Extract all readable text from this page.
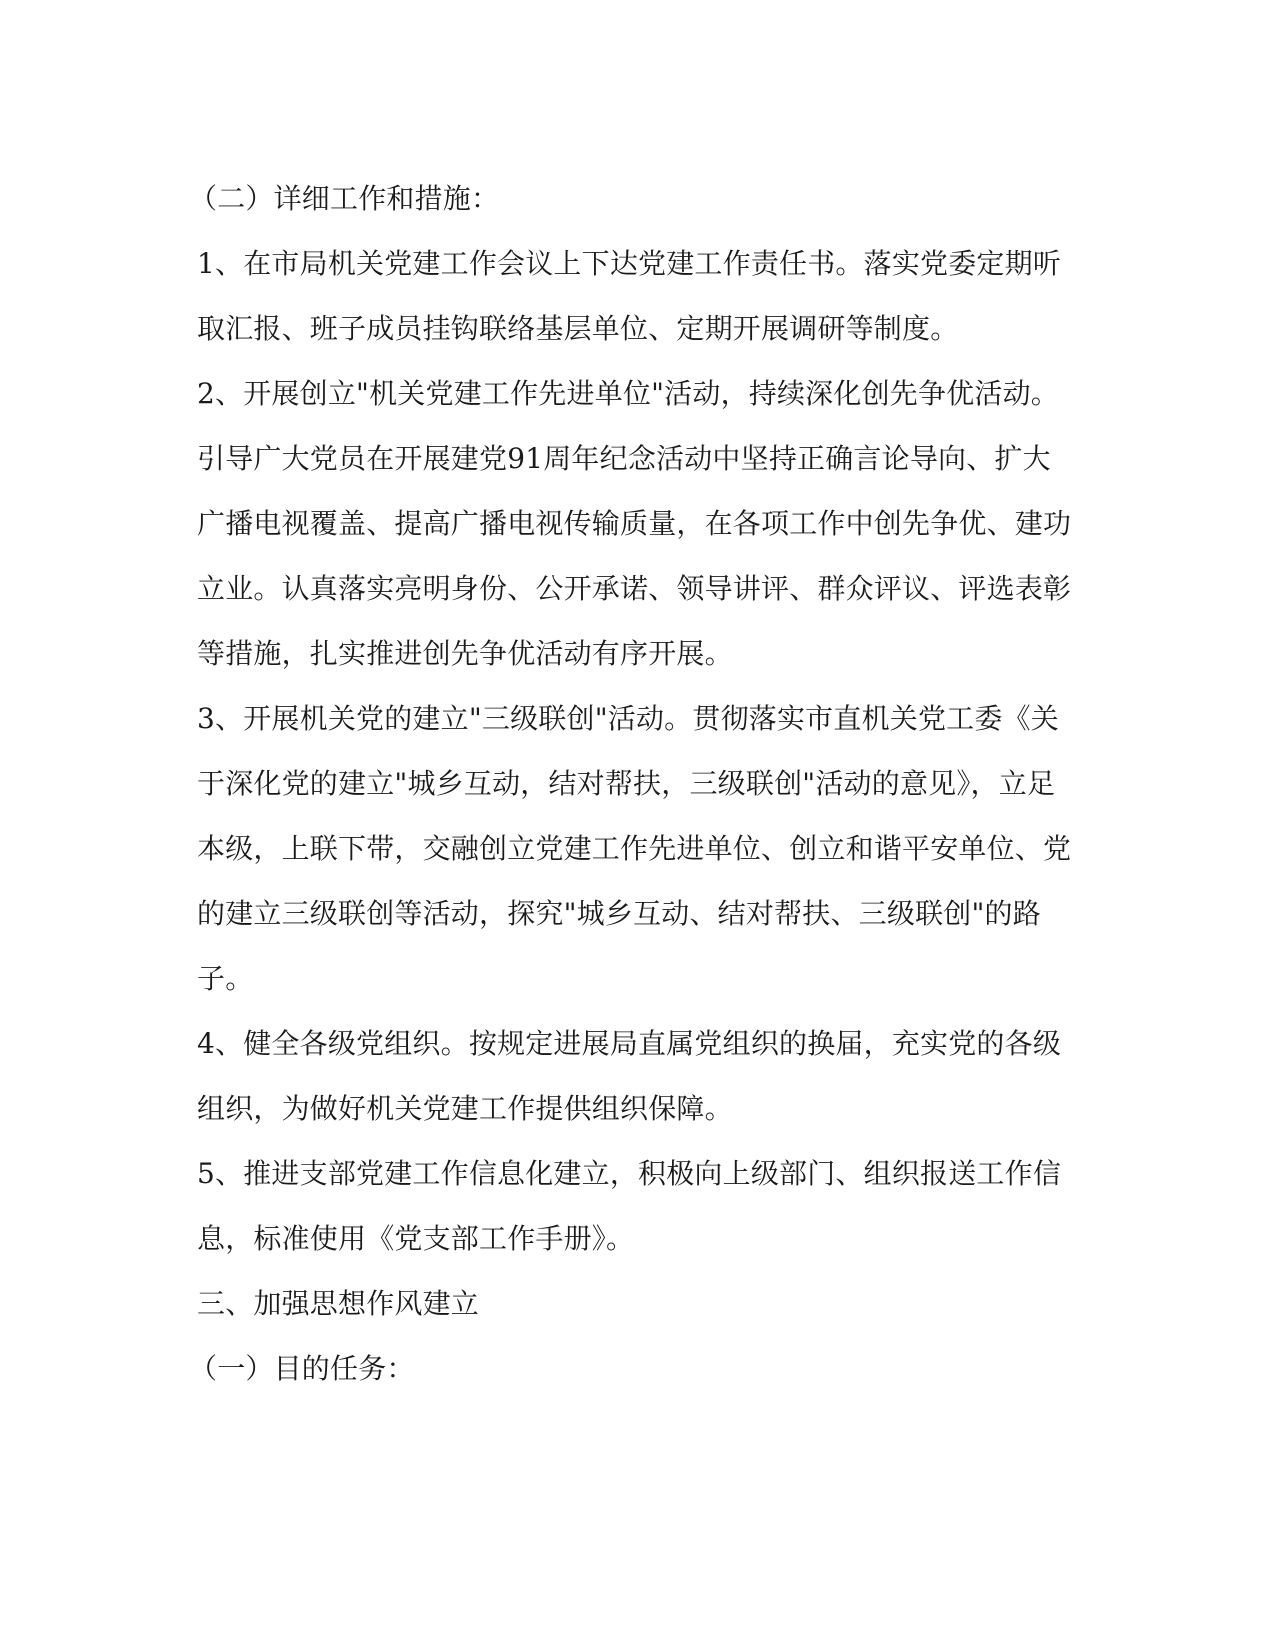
（二）详细工作和措施：

1、在市局机关党建工作会议上下达党建工作责任书。落实党委定期听取汇报、班子成员挂钩联络基层单位、定期开展调研等制度。

2、开展创立"机关党建工作先进单位"活动，持续深化创先争优活动。引导广大党员在开展建党91周年纪念活动中坚持正确言论导向、扩大广播电视覆盖、提高广播电视传输质量，在各项工作中创先争优、建功立业。认真落实亮明身份、公开承诺、领导讲评、群众评议、评选表彰等措施，扎实推进创先争优活动有序开展。

3、开展机关党的建立"三级联创"活动。贯彻落实市直机关党工委《关于深化党的建立"城乡互动，结对帮扶，三级联创"活动的意见》，立足本级，上联下带，交融创立党建工作先进单位、创立和谐平安单位、党的建立三级联创等活动，探究"城乡互动、结对帮扶、三级联创"的路子。

4、健全各级党组织。按规定进展局直属党组织的换届，充实党的各级组织，为做好机关党建工作提供组织保障。

5、推进支部党建工作信息化建立，积极向上级部门、组织报送工作信息，标准使用《党支部工作手册》。

三、加强思想作风建立

（一）目的任务：
